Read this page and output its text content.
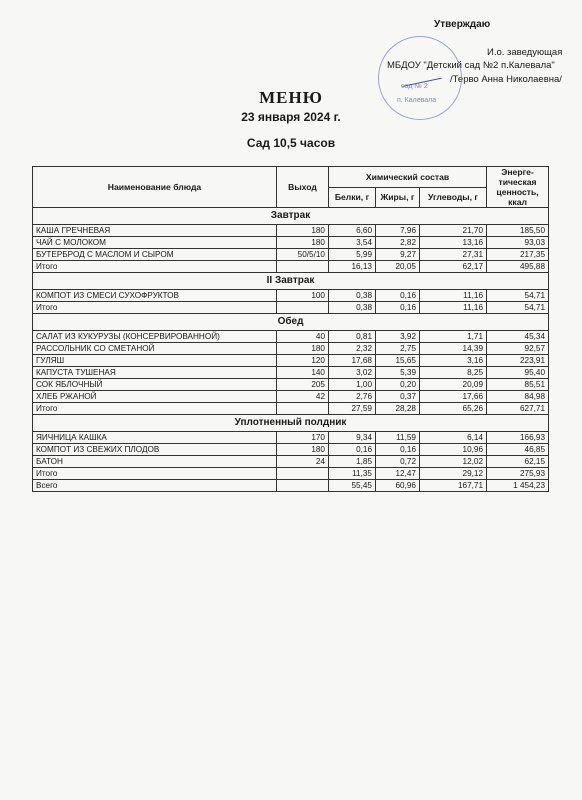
Утверждаю
И.о. заведующая
МБДОУ "Детский сад №2 п.Калевала"
/Терво Анна Николаевна/
сад № 2
п. Калевала
МЕНЮ
23 января 2024 г.
Сад 10,5 часов
Наименование блюда	Выход	Химический состав			Энерге-
тическая
ценность,
ккал
		Белки, г	Жиры, г	Углеводы, г	
Завтрак					
КАША ГРЕЧНЕВАЯ	180	6,60	7,96	21,70	185,50
ЧАЙ С МОЛОКОМ	180	3,54	2,82	13,16	93,03
БУТЕРБРОД С МАСЛОМ И СЫРОМ	50/5/10	5,99	9,27	27,31	217,35
Итого		16,13	20,05	62,17	495,88
II Завтрак					
КОМПОТ ИЗ СМЕСИ СУХОФРУКТОВ	100	0,38	0,16	11,16	54,71
Итого		0,38	0,16	11,16	54,71
Обед					
САЛАТ ИЗ КУКУРУЗЫ (КОНСЕРВИРОВАННОЙ)	40	0,81	3,92	1,71	45,34
РАССОЛЬНИК СО СМЕТАНОЙ	180	2,32	2,75	14,39	92,57
ГУЛЯШ	120	17,68	15,65	3,16	223,91
КАПУСТА ТУШЕНАЯ	140	3,02	5,39	8,25	95,40
СОК ЯБЛОЧНЫЙ	205	1,00	0,20	20,09	85,51
ХЛЕБ РЖАНОЙ	42	2,76	0,37	17,66	84,98
Итого		27,59	28,28	65,26	627,71
Уплотненный полдник					
ЯИЧНИЦА КАШКА	170	9,34	11,59	6,14	166,93
КОМПОТ ИЗ СВЕЖИХ ПЛОДОВ	180	0,16	0,16	10,96	46,85
БАТОН	24	1,85	0,72	12,02	62,15
Итого		11,35	12,47	29,12	275,93
Всего		55,45	60,96	167,71	1 454,23
